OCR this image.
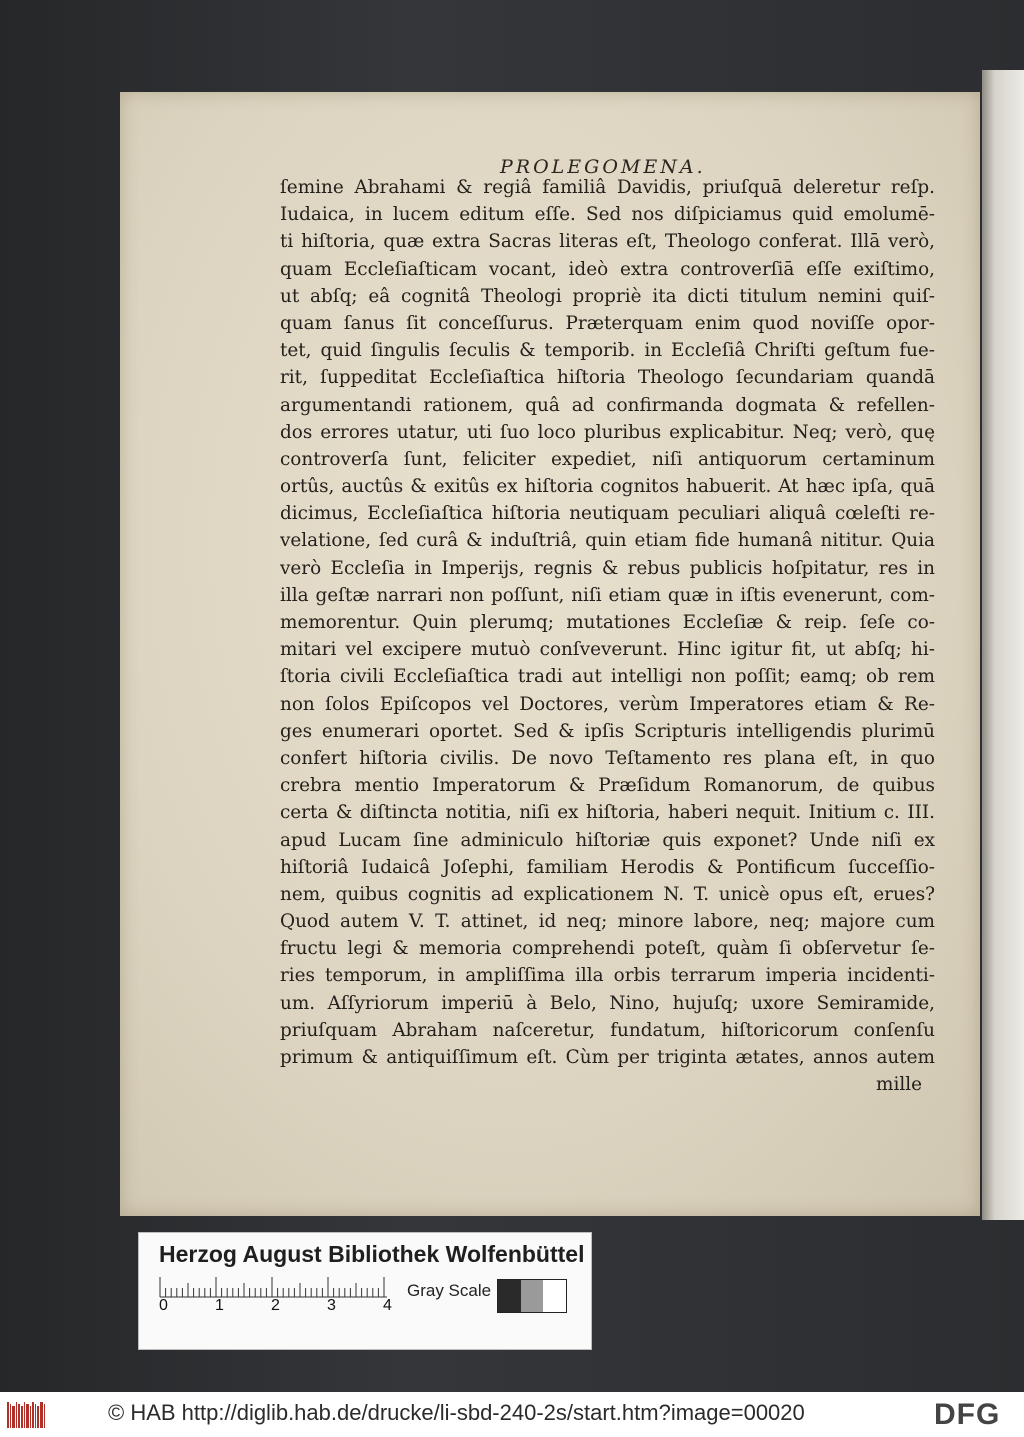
PROLEGOMENA.
ſemine Abrahami & regiâ familiâ Davidis, priuſquā deleretur reſp.
Iudaica, in lucem editum eſſe. Sed nos diſpiciamus quid emolumē-
ti hiſtoria, quæ extra Sacras literas eſt, Theologo conferat. Illā verò,
quam Eccleſiaſticam vocant, ideò extra controverſiā eſſe exiſtimo,
ut abſq; eâ cognitâ Theologi propriè ita dicti titulum nemini quiſ-
quam ſanus ſit conceſſurus. Præterquam enim quod noviſſe opor-
tet, quid ſingulis ſeculis & temporib. in Eccleſiâ Chriſti geſtum fue-
rit, ſuppeditat Eccleſiaſtica hiſtoria Theologo ſecundariam quandā
argumentandi rationem, quâ ad confirmanda dogmata & refellen-
dos errores utatur, uti ſuo loco pluribus explicabitur. Neq; verò, quę
controverſa ſunt, feliciter expediet, niſi antiquorum certaminum
ortûs, auctûs & exitûs ex hiſtoria cognitos habuerit. At hæc ipſa, quā
dicimus, Eccleſiaſtica hiſtoria neutiquam peculiari aliquâ cœleſti re-
velatione, ſed curâ & induſtriâ, quin etiam fide humanâ nititur. Quia
verò Eccleſia in Imperijs, regnis & rebus publicis hoſpitatur, res in
illa geſtæ narrari non poſſunt, niſi etiam quæ in iſtis evenerunt, com-
memorentur. Quin plerumq; mutationes Eccleſiæ & reip. ſeſe co-
mitari vel excipere mutuò conſveverunt. Hinc igitur fit, ut abſq; hi-
ſtoria civili Eccleſiaſtica tradi aut intelligi non poſſit; eamq; ob rem
non ſolos Epiſcopos vel Doctores, verùm Imperatores etiam & Re-
ges enumerari oportet. Sed & ipſis Scripturis intelligendis plurimū
confert hiſtoria civilis. De novo Teſtamento res plana eſt, in quo
crebra mentio Imperatorum & Præſidum Romanorum, de quibus
certa & diſtincta notitia, niſi ex hiſtoria, haberi nequit. Initium c. III.
apud Lucam ſine adminiculo hiſtoriæ quis exponet? Unde niſi ex
hiſtoriâ Iudaicâ Joſephi, familiam Herodis & Pontificum ſucceſſio-
nem, quibus cognitis ad explicationem N. T. unicè opus eſt, erues?
Quod autem V. T. attinet, id neq; minore labore, neq; majore cum
fructu legi & memoria comprehendi poteſt, quàm ſi obſervetur ſe-
ries temporum, in ampliſſima illa orbis terrarum imperia incidenti-
um. Aſſyriorum imperiū à Belo, Nino, hujuſq; uxore Semiramide,
priuſquam Abraham naſceretur, fundatum, hiſtoricorum conſenſu
primum & antiquiſſimum eſt. Cùm per triginta ætates, annos autem
mille
Herzog August Bibliothek Wolfenbüttel
0	1	2	3	4
Gray Scale
© HAB http://diglib.hab.de/drucke/li-sbd-240-2s/start.htm?image=00020	DFG
